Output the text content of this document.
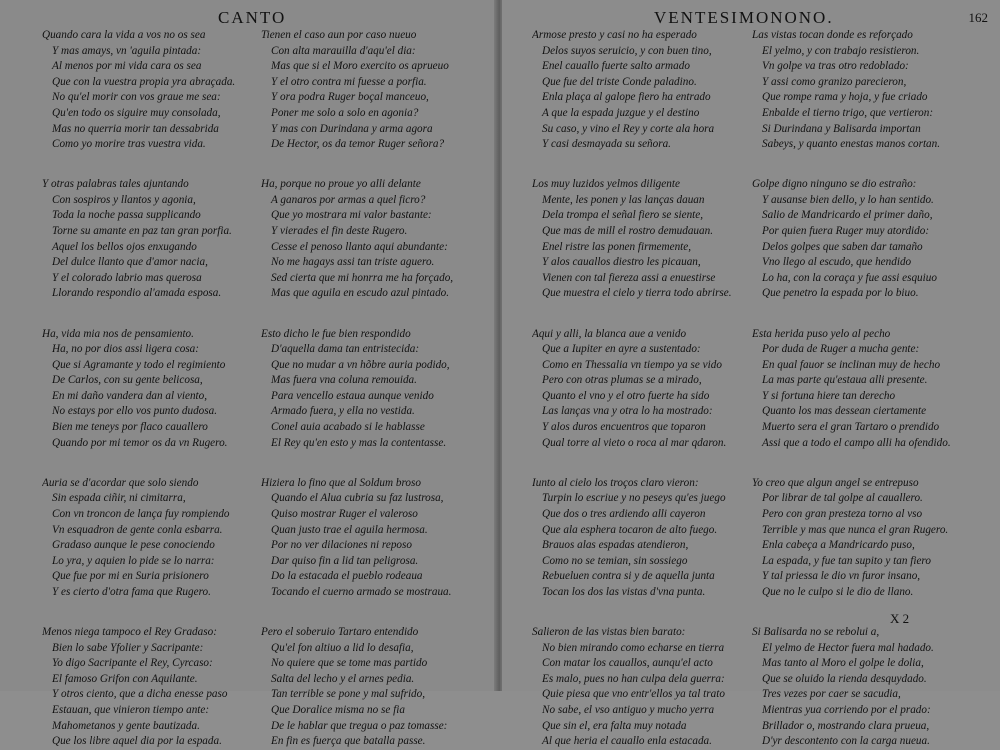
CANTO
Quando cara la vida a vos no os sea
Y mas amays, vn 'aguila pintada:
Al menos por mi vida cara os sea
Que con la vuestra propia yra abraçada.
No qu'el morir con vos graue me sea:
Qu'en todo os siguire muy consolada,
Mas no querria morir tan dessabrida
Como yo morire tras vuestra vida.
Y otras palabras tales ajuntando
Con sospiros y llantos y agonia,
Toda la noche passa supplicando
Torne su amante en paz tan gran porfia.
Aquel los bellos ojos enxugando
Del dulce llanto que d'amor nacia,
Y el colorado labrio mas querosa
Llorando respondio al'amada esposa.
Ha, vida mia nos de pensamiento.
Ha, no por dios assi ligera cosa:
Que si Agramante y todo el regimiento
De Carlos, con su gente belicosa,
En mi daño vandera dan al viento,
No estays por ello vos punto dudosa.
Bien me teneys por flaco cauallero
Quando por mi temor os da vn Rugero.
Auria se d'acordar que solo siendo
Sin espada ciñir, ni cimitarra,
Con vn troncon de lança fuy rompiendo
Vn esquadron de gente conla esbarra.
Gradaso aunque le pese conociendo
Lo yra, y aquien lo pide se lo narra:
Que fue por mi en Suria prisionero
Y es cierto d'otra fama que Rugero.
Menos niega tampoco el Rey Gradaso:
Bien lo sabe Yfolier y Sacripante:
Yo digo Sacripante el Rey, Cyrcaso:
El famoso Grifon con Aquilante.
Y otros ciento, que a dicha enesse paso
Estauan, que vinieron tiempo ante:
Mahometanos y gente bautizada.
Que los libre aquel dia por la espada.
Tienen el caso aun por caso nueuo
Con alta marauilla d'aqu'el dia:
Mas que si el Moro exercito os aprueuo
Y el otro contra mi fuesse a porfia.
Y ora podra Ruger boçal manceuo,
Poner me solo a solo en agonia?
Y mas con Durindana y arma agora
De Hector, os da temor Ruger señora?
Ha, porque no proue yo alli delante
A ganaros por armas a quel ficro?
Que yo mostrara mi valor bastante:
Y vierades el fin deste Rugero.
Cesse el penoso llanto aqui abundante:
No me hagays assi tan triste aguero.
Sed cierta que mi honrra me ha forçado,
Mas que aguila en escudo azul pintado.
Esto dicho le fue bien respondido
D'aquella dama tan entristecida:
Que no mudar a vn hõbre auria podido,
Mas fuera vna coluna remouida.
Para vencello estaua aunque venido
Armado fuera, y ella no vestida.
Conel auia acabado si le hablasse
El Rey qu'en esto y mas la contentasse.
Hiziera lo fino que al Soldum broso
Quando el Alua cubria su faz lustrosa,
Quiso mostrar Ruger el valeroso
Quan justo trae el aguila hermosa.
Por no ver dilaciones ni reposo
Dar quiso fin a lid tan peligrosa.
Do la estacada el pueblo rodeaua
Tocando el cuerno armado se mostraua.
Pero el soberuio Tartaro entendido
Qu'el fon altiuo a lid lo desafia,
No quiere que se tome mas partido
Salta del lecho y el arnes pedia.
Tan terrible se pone y mal sufrido,
Que Doralice misma no se fia
De le hablar que tregua o paz tomasse:
En fin es fuerça que batalla passe.
VENTESIMONONO.	162
Armose presto y casi no ha esperado
Delos suyos seruicio, y con buen tino,
Enel cauallo fuerte salto armado
Que fue del triste Conde paladino.
Enla plaça al galope fiero ha entrado
A que la espada juzgue y el destino
Su caso, y vino el Rey y corte ala hora
Y casi desmayada su señora.
Los muy luzidos yelmos diligente
Mente, les ponen y las lanças dauan
Dela trompa el señal fiero se siente,
Que mas de mill el rostro demudauan.
Enel ristre las ponen firmemente,
Y alos cauallos diestro les picauan,
Vienen con tal fiereza assi a enuestirse
Que muestra el cielo y tierra todo abrirse.
Aqui y alli, la blanca aue a venido
Que a Iupiter en ayre a sustentado:
Como en Thessalia vn tiempo ya se vido
Pero con otras plumas se a mirado,
Quanto el vno y el otro fuerte ha sido
Las lanças vna y otra lo ha mostrado:
Y alos duros encuentros que toparon
Qual torre al vieto o roca al mar qdaron.
Iunto al cielo los troços claro vieron:
Turpin lo escriue y no peseys qu'es juego
Que dos o tres ardiendo alli cayeron
Que ala esphera tocaron de alto fuego.
Brauos alas espadas atendieron,
Como no se temian, sin sossiego
Rebueluen contra si y de aquella junta
Tocan los dos las vistas d'vna punta.
Salieron de las vistas bien barato:
No bien mirando como echarse en tierra
Con matar los cauallos, aunqu'el acto
Es malo, pues no han culpa dela guerra:
Quie piesa que vno entr'ellos ya tal trato
No sabe, el vso antiguo y mucho yerra
Que sin el, era falta muy notada
Al que heria el cauallo enla estacada.
Las vistas tocan donde es reforçado
El yelmo, y con trabajo resistieron.
Vn golpe va tras otro redoblado:
Y assi como granizo parecieron,
Que rompe rama y hoja, y fue criado
Enbalde el tierno trigo, que vertieron:
Si Durindana y Balisarda importan
Sabeys, y quanto enestas manos cortan.
Golpe digno ninguno se dio estraño:
Y ausanse bien dello, y lo han sentido.
Salio de Mandricardo el primer daño,
Por quien fuera Ruger muy atordido:
Delos golpes que saben dar tamaño
Vno llego al escudo, que hendido
Lo ha, con la coraça y fue assi esquiuo
Que penetro la espada por lo biuo.
Esta herida puso yelo al pecho
Por duda de Ruger a mucha gente:
En qual fauor se inclinan muy de hecho
La mas parte qu'estaua alli presente.
Y si fortuna hiere tan derecho
Quanto los mas dessean ciertamente
Muerto sera el gran Tartaro o prendido
Assi que a todo el campo alli ha ofendido.
Yo creo que algun angel se entrepuso
Por librar de tal golpe al cauallero.
Pero con gran presteza torno al vso
Terrible y mas que nunca el gran Rugero.
Enla cabeça a Mandricardo puso,
La espada, y fue tan supito y tan fiero
Y tal priessa le dio vn furor insano,
Que no le culpo si le dio de llano.
Si Balisarda no se rebolui a,
El yelmo de Hector fuera mal hadado.
Mas tanto al Moro el golpe le dolia,
Que se oluido la rienda desquydado.
Tres vezes por caer se sacudia,
Mientras yua corriendo por el prado:
Brillador o, mostrando clara prueua,
D'yr descontento con la carga nueua.
X 2
